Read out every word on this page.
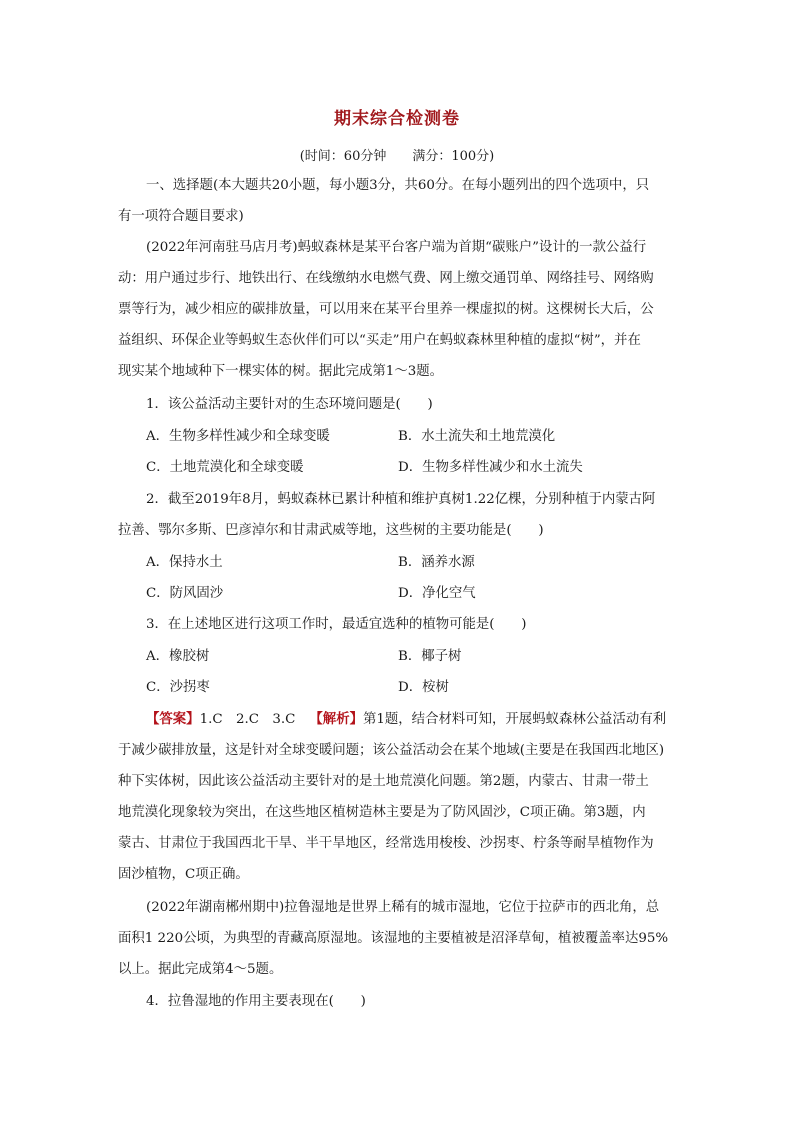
期末综合检测卷
(时间：60分钟 满分：100分)
一、选择题(本大题共20小题，每小题3分，共60分。在每小题列出的四个选项中，只
有一项符合题目要求)
(2022年河南驻马店月考)蚂蚁森林是某平台客户端为首期“碳账户”设计的一款公益行
动：用户通过步行、地铁出行、在线缴纳水电燃气费、网上缴交通罚单、网络挂号、网络购
票等行为，减少相应的碳排放量，可以用来在某平台里养一棵虚拟的树。这棵树长大后，公
益组织、环保企业等蚂蚁生态伙伴们可以“买走”用户在蚂蚁森林里种植的虚拟“树”，并在
现实某个地域种下一棵实体的树。据此完成第1～3题。
1．该公益活动主要针对的生态环境问题是(　　)
A．生物多样性减少和全球变暖	B．水土流失和土地荒漠化
C．土地荒漠化和全球变暖	D．生物多样性减少和水土流失
2．截至2019年8月，蚂蚁森林已累计种植和维护真树1.22亿棵，分别种植于内蒙古阿
拉善、鄂尔多斯、巴彦淖尔和甘肃武威等地，这些树的主要功能是(　　)
A．保持水土	B．涵养水源
C．防风固沙	D．净化空气
3．在上述地区进行这项工作时，最适宜选种的植物可能是(　　)
A．橡胶树	B．椰子树
C．沙拐枣	D．桉树
【答案】1.C　2.C　3.C 【解析】第1题，结合材料可知，开展蚂蚁森林公益活动有利
于减少碳排放量，这是针对全球变暖问题；该公益活动会在某个地域(主要是在我国西北地区)
种下实体树，因此该公益活动主要针对的是土地荒漠化问题。第2题，内蒙古、甘肃一带土
地荒漠化现象较为突出，在这些地区植树造林主要是为了防风固沙，C项正确。第3题，内
蒙古、甘肃位于我国西北干旱、半干旱地区，经常选用梭梭、沙拐枣、柠条等耐旱植物作为
固沙植物，C项正确。
(2022年湖南郴州期中)拉鲁湿地是世界上稀有的城市湿地，它位于拉萨市的西北角，总
面积1 220公顷，为典型的青藏高原湿地。该湿地的主要植被是沼泽草甸，植被覆盖率达95%
以上。据此完成第4～5题。
4．拉鲁湿地的作用主要表现在(　　)
